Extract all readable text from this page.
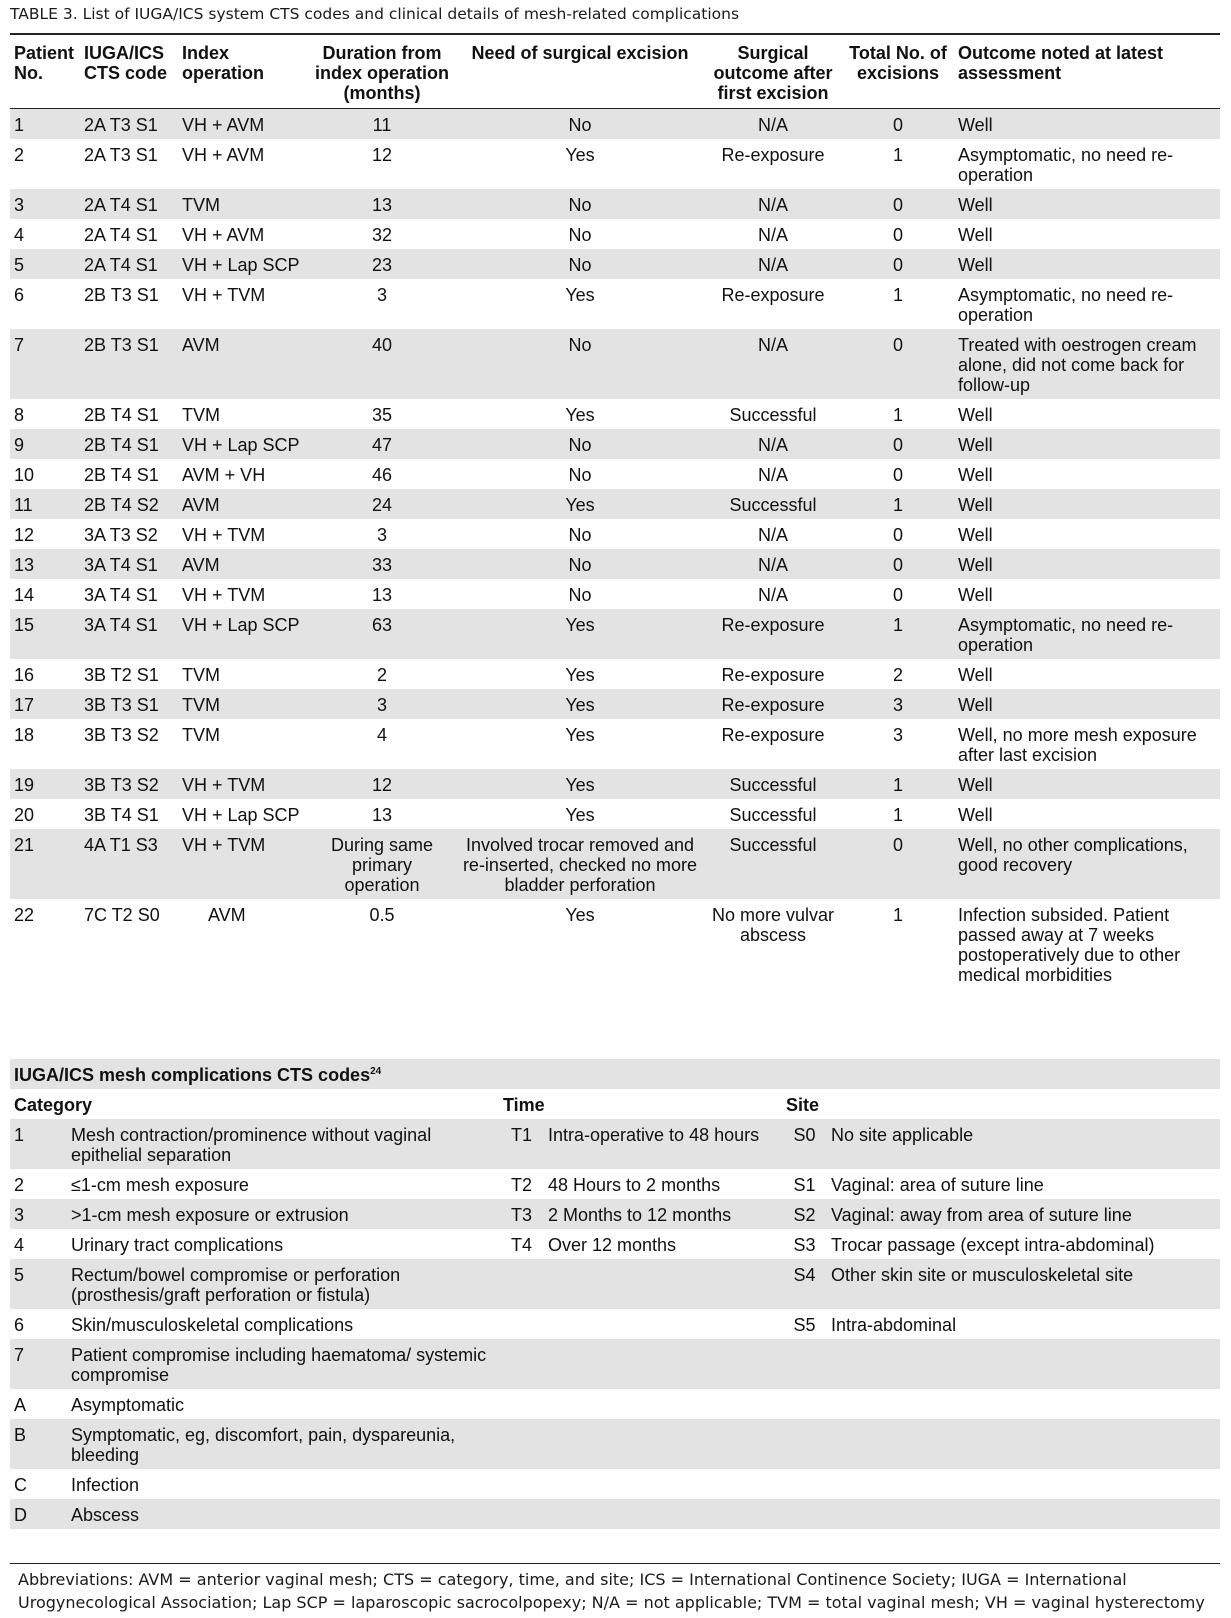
TABLE 3. List of IUGA/ICS system CTS codes and clinical details of mesh-related complications
Patient No.	IUGA/ICS CTS code	Index operation	Duration from index operation (months)	Need of surgical excision	Surgical outcome after first excision	Total No. of excisions	Outcome noted at latest assessment
1	2A T3 S1	VH + AVM	11	No	N/A	0	Well
2	2A T3 S1	VH + AVM	12	Yes	Re-exposure	1	Asymptomatic, no need re-operation
3	2A T4 S1	TVM	13	No	N/A	0	Well
4	2A T4 S1	VH + AVM	32	No	N/A	0	Well
5	2A T4 S1	VH + Lap SCP	23	No	N/A	0	Well
6	2B T3 S1	VH + TVM	3	Yes	Re-exposure	1	Asymptomatic, no need re-operation
7	2B T3 S1	AVM	40	No	N/A	0	Treated with oestrogen cream alone, did not come back for follow-up
8	2B T4 S1	TVM	35	Yes	Successful	1	Well
9	2B T4 S1	VH + Lap SCP	47	No	N/A	0	Well
10	2B T4 S1	AVM + VH	46	No	N/A	0	Well
11	2B T4 S2	AVM	24	Yes	Successful	1	Well
12	3A T3 S2	VH + TVM	3	No	N/A	0	Well
13	3A T4 S1	AVM	33	No	N/A	0	Well
14	3A T4 S1	VH + TVM	13	No	N/A	0	Well
15	3A T4 S1	VH + Lap SCP	63	Yes	Re-exposure	1	Asymptomatic, no need re-operation
16	3B T2 S1	TVM	2	Yes	Re-exposure	2	Well
17	3B T3 S1	TVM	3	Yes	Re-exposure	3	Well
18	3B T3 S2	TVM	4	Yes	Re-exposure	3	Well, no more mesh exposure after last excision
19	3B T3 S2	VH + TVM	12	Yes	Successful	1	Well
20	3B T4 S1	VH + Lap SCP	13	Yes	Successful	1	Well
21	4A T1 S3	VH + TVM	During same primary operation	Involved trocar removed and re-inserted, checked no more bladder perforation	Successful	0	Well, no other complications, good recovery
22	7C T2 S0	AVM	0.5	Yes	No more vulvar abscess	1	Infection subsided. Patient passed away at 7 weeks postoperatively due to other medical morbidities
IUGA/ICS mesh complications CTS codes$^{24}$
Category		Time		Site	
1	Mesh contraction/prominence without vaginal epithelial separation	T1	Intra-operative to 48 hours	S0	No site applicable
2	≤1-cm mesh exposure	T2	48 Hours to 2 months	S1	Vaginal: area of suture line
3	>1-cm mesh exposure or extrusion	T3	2 Months to 12 months	S2	Vaginal: away from area of suture line
4	Urinary tract complications	T4	Over 12 months	S3	Trocar passage (except intra-abdominal)
5	Rectum/bowel compromise or perforation (prosthesis/graft perforation or fistula)			S4	Other skin site or musculoskeletal site
6	Skin/musculoskeletal complications			S5	Intra-abdominal
7	Patient compromise including haematoma/ systemic compromise				
A	Asymptomatic				
B	Symptomatic, eg, discomfort, pain, dyspareunia, bleeding				
C	Infection				
D	Abscess				
Abbreviations: AVM = anterior vaginal mesh; CTS = category, time, and site; ICS = International Continence Society; IUGA = International Urogynecological Association; Lap SCP = laparoscopic sacrocolpopexy; N/A = not applicable; TVM = total vaginal mesh; VH = vaginal hysterectomy
